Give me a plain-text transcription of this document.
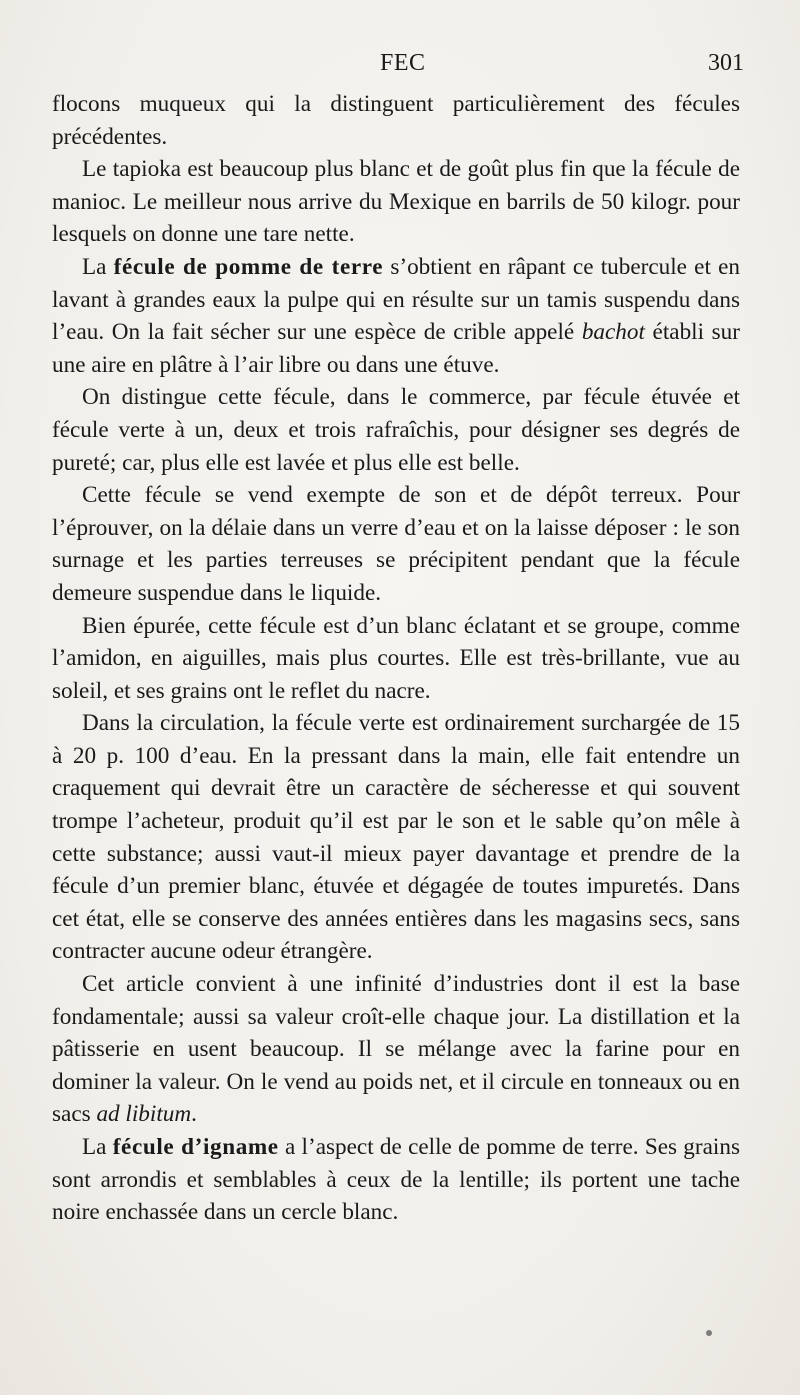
FEC	301

flocons muqueux qui la distinguent particulièrement des fécules précédentes.

Le tapioka est beaucoup plus blanc et de goût plus fin que la fécule de manioc. Le meilleur nous arrive du Mexique en barrils de 50 kilogr. pour lesquels on donne une tare nette.

La fécule de pomme de terre s’obtient en râpant ce tubercule et en lavant à grandes eaux la pulpe qui en résulte sur un tamis suspendu dans l’eau. On la fait sécher sur une espèce de crible appelé bachot établi sur une aire en plâtre à l’air libre ou dans une étuve.

On distingue cette fécule, dans le commerce, par fécule étuvée et fécule verte à un, deux et trois rafraîchis, pour désigner ses degrés de pureté; car, plus elle est lavée et plus elle est belle.

Cette fécule se vend exempte de son et de dépôt terreux. Pour l’éprouver, on la délaie dans un verre d’eau et on la laisse déposer : le son surnage et les parties terreuses se précipitent pendant que la fécule demeure suspendue dans le liquide.

Bien épurée, cette fécule est d’un blanc éclatant et se groupe, comme l’amidon, en aiguilles, mais plus courtes. Elle est très-brillante, vue au soleil, et ses grains ont le reflet du nacre.

Dans la circulation, la fécule verte est ordinairement surchargée de 15 à 20 p. 100 d’eau. En la pressant dans la main, elle fait entendre un craquement qui devrait être un caractère de sécheresse et qui souvent trompe l’acheteur, produit qu’il est par le son et le sable qu’on mêle à cette substance; aussi vaut-il mieux payer davantage et prendre de la fécule d’un premier blanc, étuvée et dégagée de toutes impuretés. Dans cet état, elle se conserve des années entières dans les magasins secs, sans contracter aucune odeur étrangère.

Cet article convient à une infinité d’industries dont il est la base fondamentale; aussi sa valeur croît-elle chaque jour. La distillation et la pâtisserie en usent beaucoup. Il se mélange avec la farine pour en dominer la valeur. On le vend au poids net, et il circule en tonneaux ou en sacs ad libitum.

La fécule d’igname a l’aspect de celle de pomme de terre. Ses grains sont arrondis et semblables à ceux de la lentille; ils portent une tache noire enchassée dans un cercle blanc.
